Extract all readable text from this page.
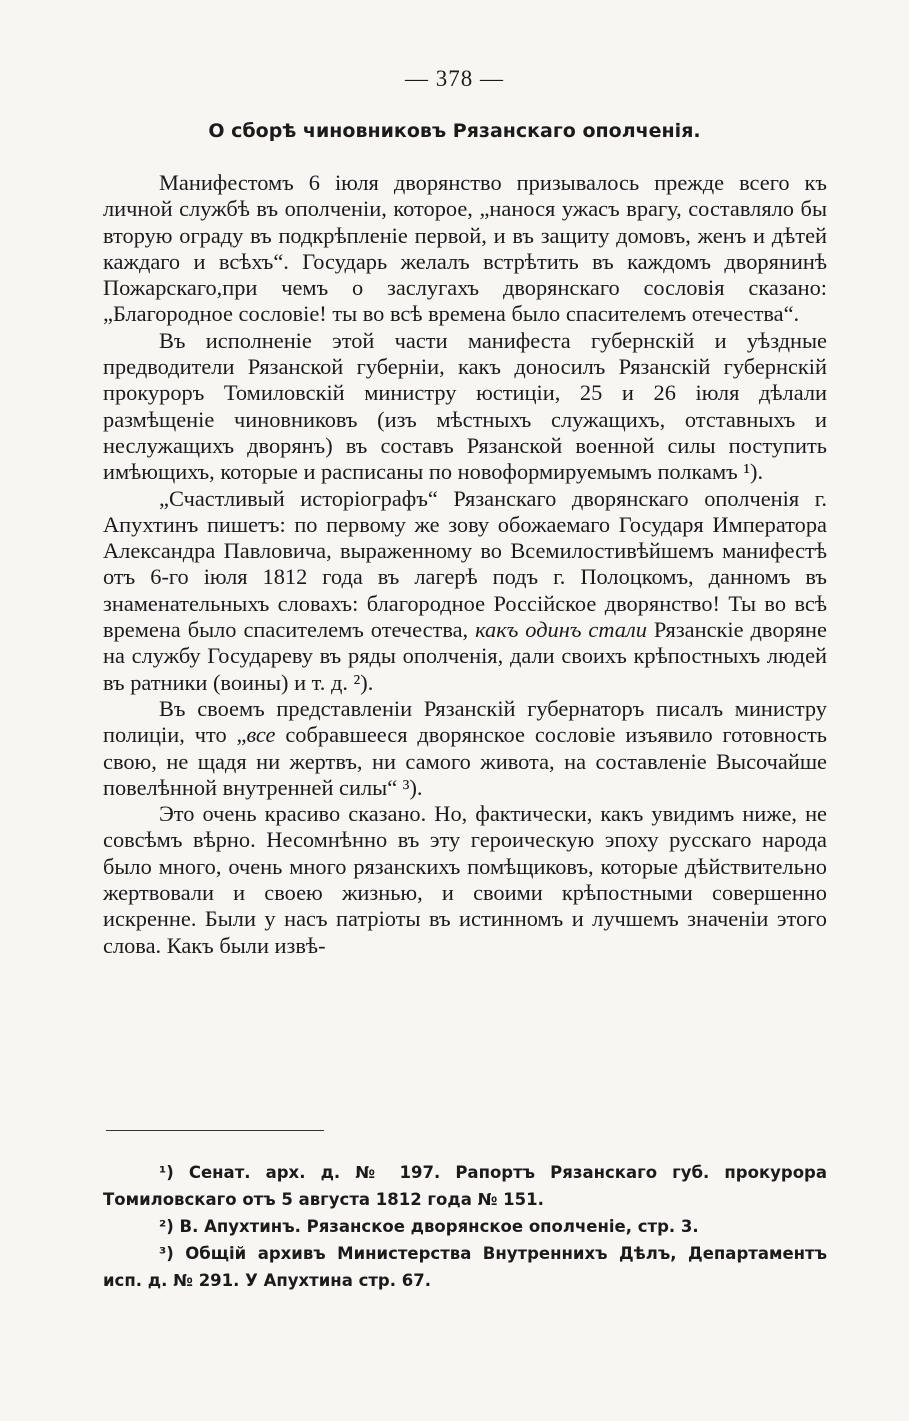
— 378 —
О сборѣ чиновниковъ Рязанскаго ополченія.

Манифестомъ 6 іюля дворянство призывалось прежде всего къ личной службѣ въ ополченіи, которое, „нанося ужасъ врагу, составляло бы вторую ограду въ подкрѣпленіе первой, и въ защиту домовъ, женъ и дѣтей каждаго и всѣхъ“. Государь желалъ встрѣтить въ каждомъ дворянинѣ Пожарскаго,при чемъ о заслугахъ дворянскаго сословія сказано: „Благородное сословіе! ты во всѣ времена было спасителемъ отечества“.

Въ исполненіе этой части манифеста губернскій и уѣздные предводители Рязанской губерніи, какъ доносилъ Рязанскій губернскій прокуроръ Томиловскій министру юстиціи, 25 и 26 іюля дѣлали размѣщеніе чиновниковъ (изъ мѣстныхъ служащихъ, отставныхъ и неслужащихъ дворянъ) въ составъ Рязанской военной силы поступить имѣющихъ, которые и расписаны по новоформируемымъ полкамъ ¹).

„Счастливый исторіографъ“ Рязанскаго дворянскаго ополченія г. Апухтинъ пишетъ: по первому же зову обожаемаго Государя Императора Александра Павловича, выраженному во Всемилостивѣйшемъ манифестѣ отъ 6-го іюля 1812 года въ лагерѣ подъ г. Полоцкомъ, данномъ въ знаменательныхъ словахъ: благородное Россійское дворянство! Ты во всѣ времена было спасителемъ отечества, какъ одинъ стали Рязанскіе дворяне на службу Государеву въ ряды ополченія, дали своихъ крѣпостныхъ людей въ ратники (воины) и т. д. ²).

Въ своемъ представленіи Рязанскій губернаторъ писалъ министру полиціи, что „все собравшееся дворянское сословіе изъявило готовность свою, не щадя ни жертвъ, ни самого живота, на составленіе Высочайше повелѣнной внутренней силы“ ³).

Это очень красиво сказано. Но, фактически, какъ увидимъ ниже, не совсѣмъ вѣрно. Несомнѣнно въ эту героическую эпоху русскаго народа было много, очень много рязанскихъ помѣщиковъ, которые дѣйствительно жертвовали и своею жизнью, и своими крѣпостными совершенно искренне. Были у насъ патріоты въ истинномъ и лучшемъ значеніи этого слова. Какъ были извѣ-

¹) Сенат. арх. д. № 197. Рапортъ Рязанскаго губ. прокурора Томиловскаго отъ 5 августа 1812 года № 151.

²) В. Апухтинъ. Рязанское дворянское ополченіе, стр. 3.

³) Общій архивъ Министерства Внутреннихъ Дѣлъ, Департаментъ исп. д. № 291. У Апухтина стр. 67.
